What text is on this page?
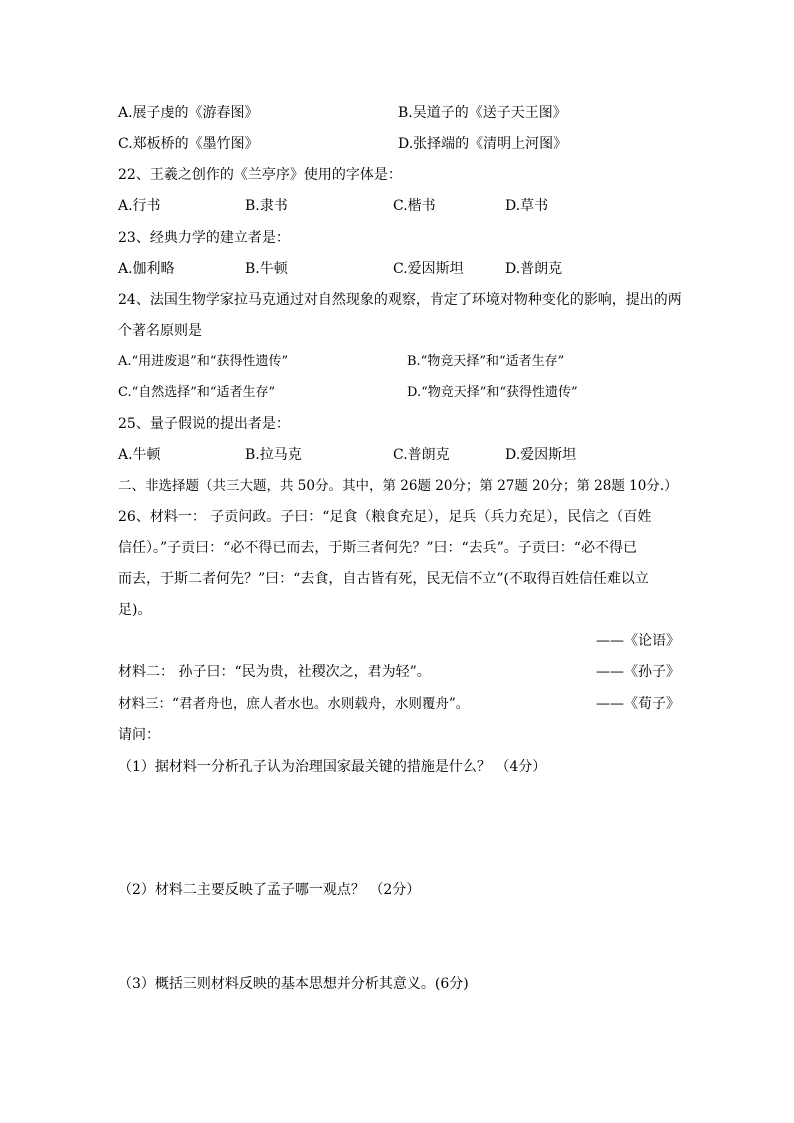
A.展子虔的《游春图》	B.吴道子的《送子天王图》
C.郑板桥的《墨竹图》	D.张择端的《清明上河图》
22、王羲之创作的《兰亭序》使用的字体是：
A.行书	B.隶书	C.楷书	D.草书
23、经典力学的建立者是：
A.伽利略	B.牛顿	C.爱因斯坦	D.普朗克
24、法国生物学家拉马克通过对自然现象的观察，肯定了环境对物种变化的影响，提出的两
个著名原则是
A.“用进废退”和“获得性遗传”	B.“物竞天择”和“适者生存”
C.“自然选择”和“适者生存”	D.“物竞天择”和“获得性遗传”
25、量子假说的提出者是：
A.牛顿	B.拉马克	C.普朗克	D.爱因斯坦
二、非选择题（共三大题，共 50分。其中，第 26题 20分；第 27题 20分；第 28题 10分.）
26、材料一： 子贡问政。子曰：“足食（粮食充足），足兵（兵力充足），民信之（百姓
信任）。”子贡曰：“必不得已而去，于斯三者何先？”曰：“去兵”。子贡曰：“必不得已
而去，于斯二者何先？”曰：“去食，自古皆有死，民无信不立”(不取得百姓信任难以立
足)。
——《论语》
材料二： 孙子曰：“民为贵，社稷次之，君为轻”。	——《孙子》
材料三：“君者舟也，庶人者水也。水则载舟，水则覆舟”。	——《荀子》
请问：
（1）据材料一分析孔子认为治理国家最关键的措施是什么？ （4分）
（2）材料二主要反映了孟子哪一观点？ （2分）
（3）概括三则材料反映的基本思想并分析其意义。(6分)
